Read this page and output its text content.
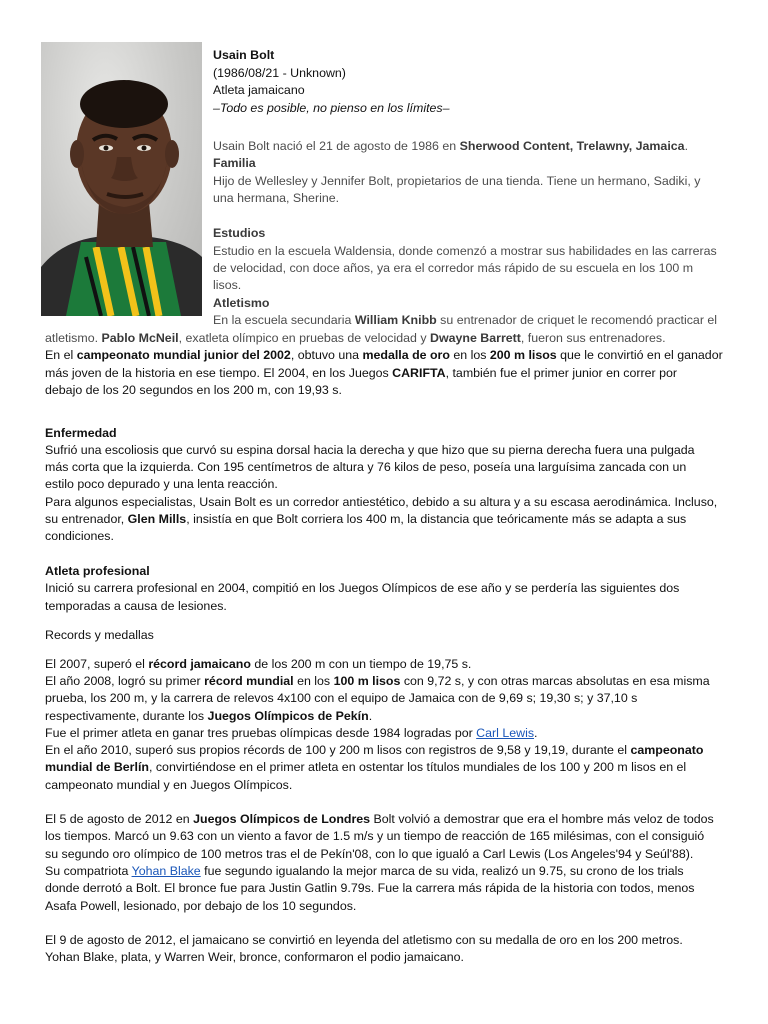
Usain Bolt
(1986/08/21 - Unknown)
Atleta jamaicano
–Todo es posible, no pienso en los límites–
Usain Bolt nació el 21 de agosto de 1986 en Sherwood Content, Trelawny, Jamaica.
Familia
Hijo de Wellesley y Jennifer Bolt, propietarios de una tienda. Tiene un hermano, Sadiki, y
una hermana, Sherine.
Estudios
Estudio en la escuela Waldensia, donde comenzó a mostrar sus habilidades en las carreras
de velocidad, con doce años, ya era el corredor más rápido de su escuela en los 100 m
lisos.
Atletismo
En la escuela secundaria William Knibb su entrenador de criquet le recomendó practicar el
atletismo. Pablo McNeil, exatleta olímpico en pruebas de velocidad y Dwayne Barrett, fueron sus entrenadores.
En el campeonato mundial junior del 2002, obtuvo una medalla de oro en los 200 m lisos que le convirtió en el ganador
más joven de la historia en ese tiempo. El 2004, en los Juegos CARIFTA, también fue el primer junior en correr por
debajo de los 20 segundos en los 200 m, con 19,93 s.
Enfermedad
Sufrió una escoliosis que curvó su espina dorsal hacia la derecha y que hizo que su pierna derecha fuera una pulgada
más corta que la izquierda. Con 195 centímetros de altura y 76 kilos de peso, poseía una larguísima zancada con un
estilo poco depurado y una lenta reacción.
Para algunos especialistas, Usain Bolt es un corredor antiestético, debido a su altura y a su escasa aerodinámica. Incluso,
su entrenador, Glen Mills, insistía en que Bolt corriera los 400 m, la distancia que teóricamente más se adapta a sus
condiciones.
Atleta profesional
Inició su carrera profesional en 2004, compitió en los Juegos Olímpicos de ese año y se perdería las siguientes dos
temporadas a causa de lesiones.
Records y medallas
El 2007, superó el récord jamaicano de los 200 m con un tiempo de 19,75 s.
El año 2008, logró su primer récord mundial en los 100 m lisos con 9,72 s, y con otras marcas absolutas en esa misma
prueba, los 200 m, y la carrera de relevos 4x100 con el equipo de Jamaica con de 9,69 s; 19,30 s; y 37,10 s
respectivamente, durante los Juegos Olímpicos de Pekín.
Fue el primer atleta en ganar tres pruebas olímpicas desde 1984 logradas por Carl Lewis.
En el año 2010, superó sus propios récords de 100 y 200 m lisos con registros de 9,58 y 19,19, durante el campeonato
mundial de Berlín, convirtiéndose en el primer atleta en ostentar los títulos mundiales de los 100 y 200 m lisos en el
campeonato mundial y en Juegos Olímpicos.
El 5 de agosto de 2012 en Juegos Olímpicos de Londres Bolt volvió a demostrar que era el hombre más veloz de todos
los tiempos. Marcó un 9.63 con un viento a favor de 1.5 m/s y un tiempo de reacción de 165 milésimas, con el consiguió
su segundo oro olímpico de 100 metros tras el de Pekín'08, con lo que igualó a Carl Lewis (Los Angeles'94 y Seúl'88).
Su compatriota Yohan Blake fue segundo igualando la mejor marca de su vida, realizó un 9.75, su crono de los trials
donde derrotó a Bolt. El bronce fue para Justin Gatlin 9.79s. Fue la carrera más rápida de la historia con todos, menos
Asafa Powell, lesionado, por debajo de los 10 segundos.
El 9 de agosto de 2012, el jamaicano se convirtió en leyenda del atletismo con su medalla de oro en los 200 metros.
Yohan Blake, plata, y Warren Weir, bronce, conformaron el podio jamaicano.
